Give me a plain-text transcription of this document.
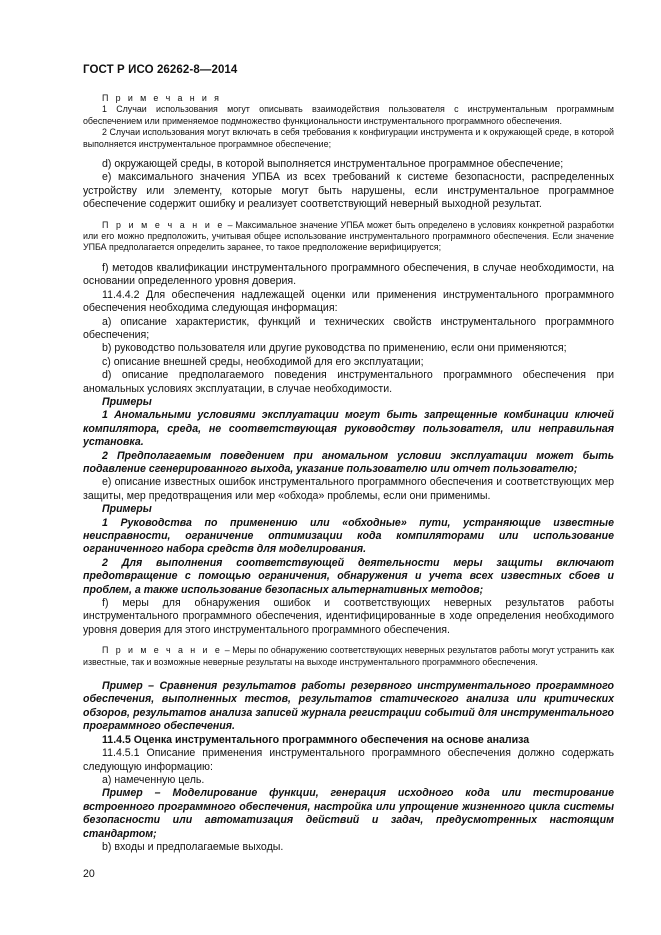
ГОСТ Р ИСО 26262-8—2014

П р и м е ч а н и я

1 Случаи использования могут описывать взаимодействия пользователя с инструментальным программным обеспечением или применяемое подмножество функциональности инструментального программного обеспечения.

2 Случаи использования могут включать в себя требования к конфигурации инструмента и к окружающей среде, в которой выполняется инструментальное программное обеспечение;

d) окружающей среды, в которой выполняется инструментальное программное обеспечение;

e) максимального значения УПБА из всех требований к системе безопасности, распределенных устройству или элементу, которые могут быть нарушены, если инструментальное программное обеспечение содержит ошибку и реализует соответствующий неверный выходной результат.

П р и м е ч а н и е – Максимальное значение УПБА может быть определено в условиях конкретной разработки или его можно предположить, учитывая общее использование инструментального программного обеспечения. Если значение УПБА предполагается определить заранее, то такое предположение верифицируется;

f) методов квалификации инструментального программного обеспечения, в случае необходимости, на основании определенного уровня доверия.

11.4.4.2 Для обеспечения надлежащей оценки или применения инструментального программного обеспечения необходима следующая информация:

а) описание характеристик, функций и технических свойств инструментального программного обеспечения;

b) руководство пользователя или другие руководства по применению, если они применяются;

c) описание внешней среды, необходимой для его эксплуатации;

d) описание предполагаемого поведения инструментального программного обеспечения при аномальных условиях эксплуатации, в случае необходимости.

Примеры

1 Аномальными условиями эксплуатации могут быть запрещенные комбинации ключей компилятора, среда, не соответствующая руководству пользователя, или неправильная установка.

2 Предполагаемым поведением при аномальном условии эксплуатации может быть подавление сгенерированного выхода, указание пользователю или отчет пользователю;

e) описание известных ошибок инструментального программного обеспечения и соответствующих мер защиты, мер предотвращения или мер «обхода» проблемы, если они применимы.

Примеры

1 Руководства по применению или «обходные» пути, устраняющие известные неисправности, ограничение оптимизации кода компиляторами или использование ограниченного набора средств для моделирования.

2 Для выполнения соответствующей деятельности меры защиты включают предотвращение с помощью ограничения, обнаружения и учета всех известных сбоев и проблем, а также использование безопасных альтернативных методов;

f) меры для обнаружения ошибок и соответствующих неверных результатов работы инструментального программного обеспечения, идентифицированные в ходе определения необходимого уровня доверия для этого инструментального программного обеспечения.

П р и м е ч а н и е – Меры по обнаружению соответствующих неверных результатов работы могут устранить как известные, так и возможные неверные результаты на выходе инструментального программного обеспечения.

Пример – Сравнения результатов работы резервного инструментального программного обеспечения, выполненных тестов, результатов статического анализа или критических обзоров, результатов анализа записей журнала регистрации событий для инструментального программного обеспечения.

11.4.5 Оценка инструментального программного обеспечения на основе анализа

11.4.5.1 Описание применения инструментального программного обеспечения должно содержать следующую информацию:

а) намеченную цель.

Пример – Моделирование функции, генерация исходного кода или тестирование встроенного программного обеспечения, настройка или упрощение жизненного цикла системы безопасности или автоматизация действий и задач, предусмотренных настоящим стандартом;

b) входы и предполагаемые выходы.

20
